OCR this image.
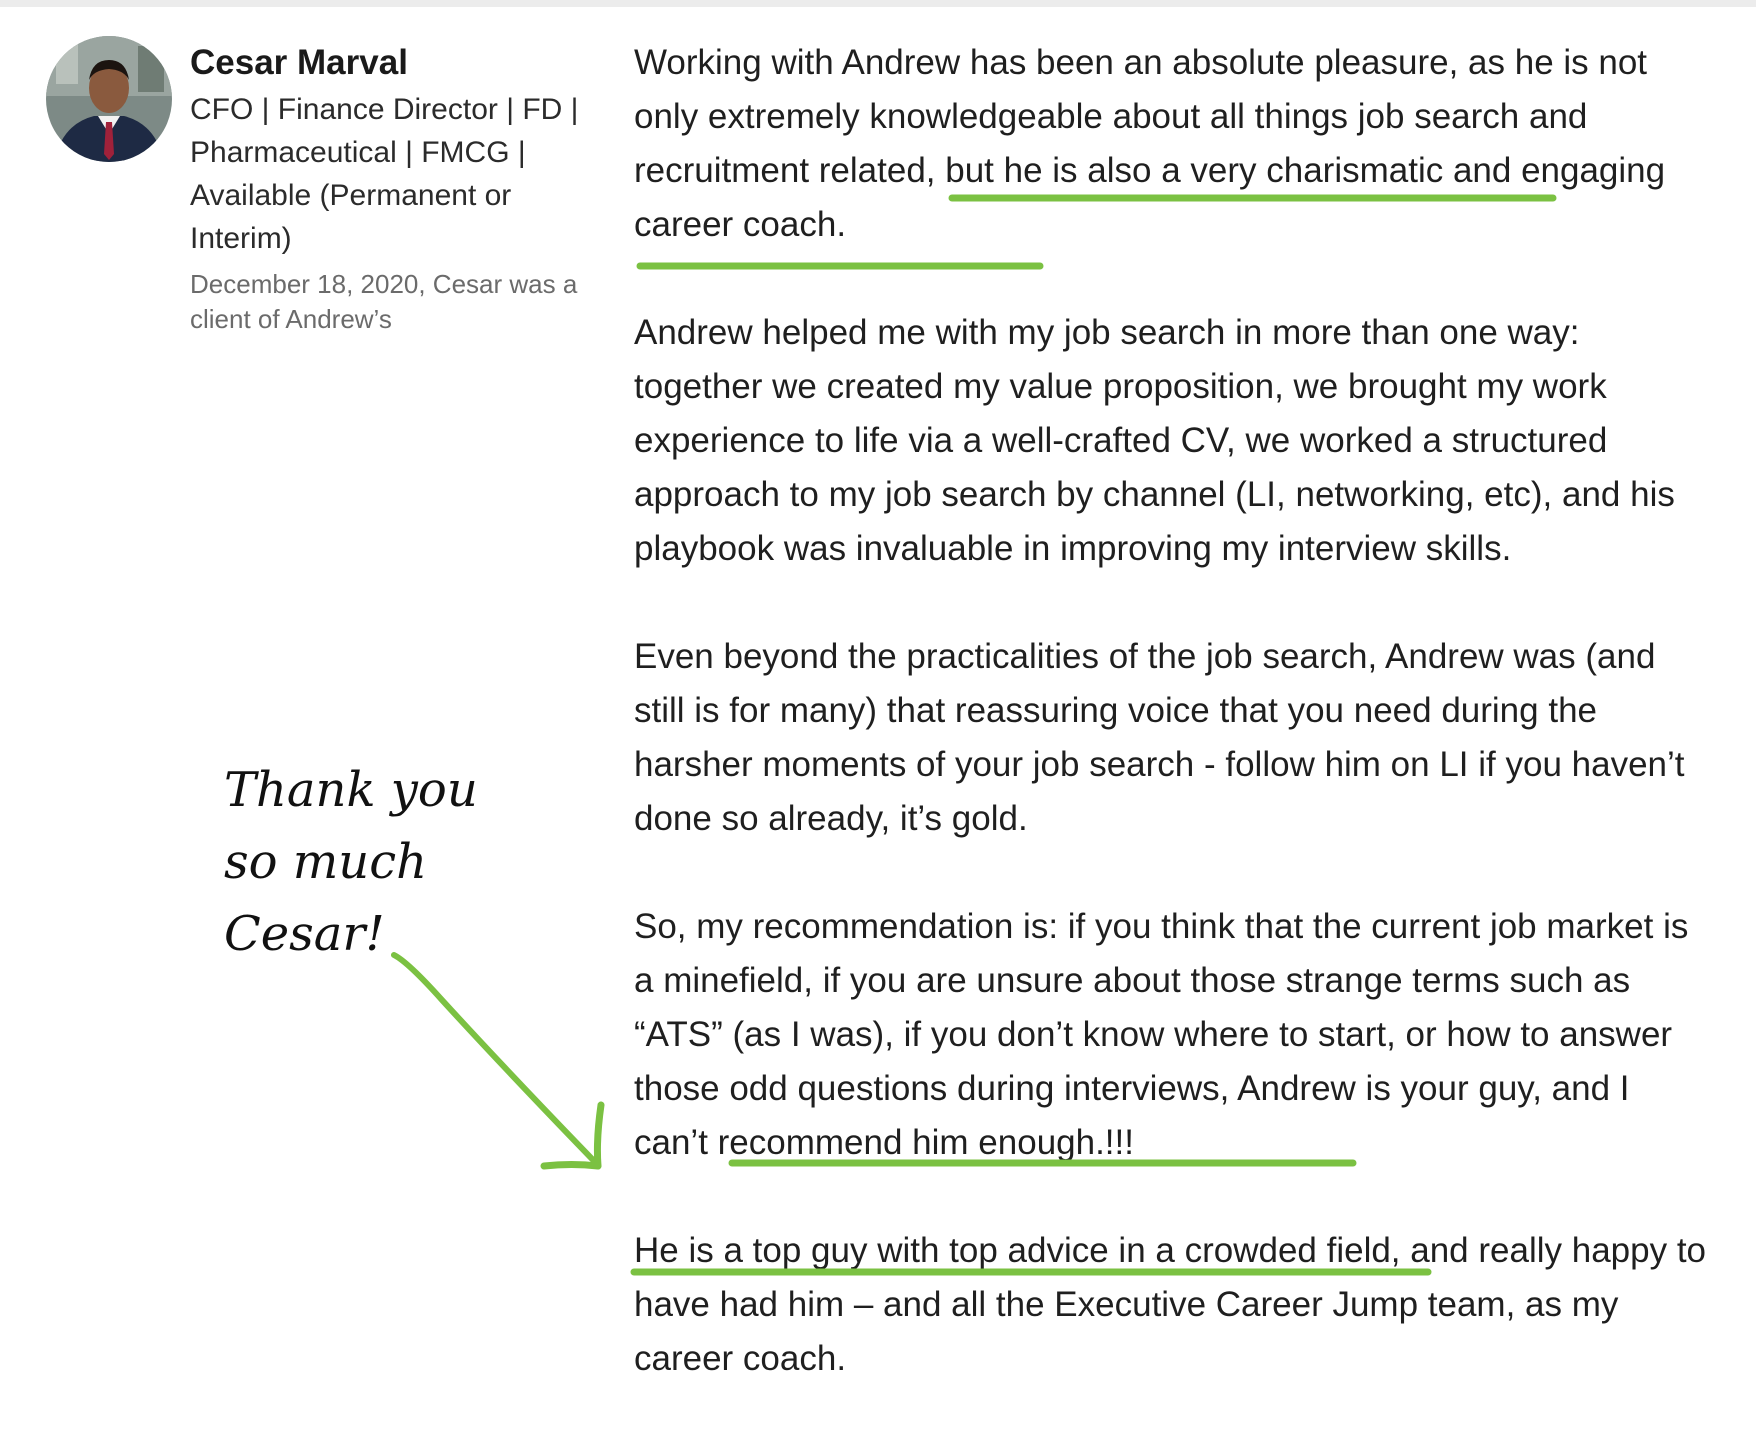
Cesar Marval

CFO | Finance Director | FD | Pharmaceutical | FMCG | Available (Permanent or Interim)

December 18, 2020, Cesar was a client of Andrew’s

Working with Andrew has been an absolute pleasure, as he is not only extremely knowledgeable about all things job search and recruitment related, but he is also a very charismatic and engaging career coach.

Andrew helped me with my job search in more than one way: together we created my value proposition, we brought my work experience to life via a well-crafted CV, we worked a structured approach to my job search by channel (LI, networking, etc), and his playbook was invaluable in improving my interview skills.

Even beyond the practicalities of the job search, Andrew was (and still is for many) that reassuring voice that you need during the harsher moments of your job search - follow him on LI if you haven’t done so already, it’s gold.

So, my recommendation is: if you think that the current job market is a minefield, if you are unsure about those strange terms such as “ATS” (as I was), if you don’t know where to start, or how to answer those odd questions during interviews, Andrew is your guy, and I can’t recommend him enough.!!!

He is a top guy with top advice in a crowded field, and really happy to have had him – and all the Executive Career Jump team, as my career coach.

Thank you so much Cesar!
